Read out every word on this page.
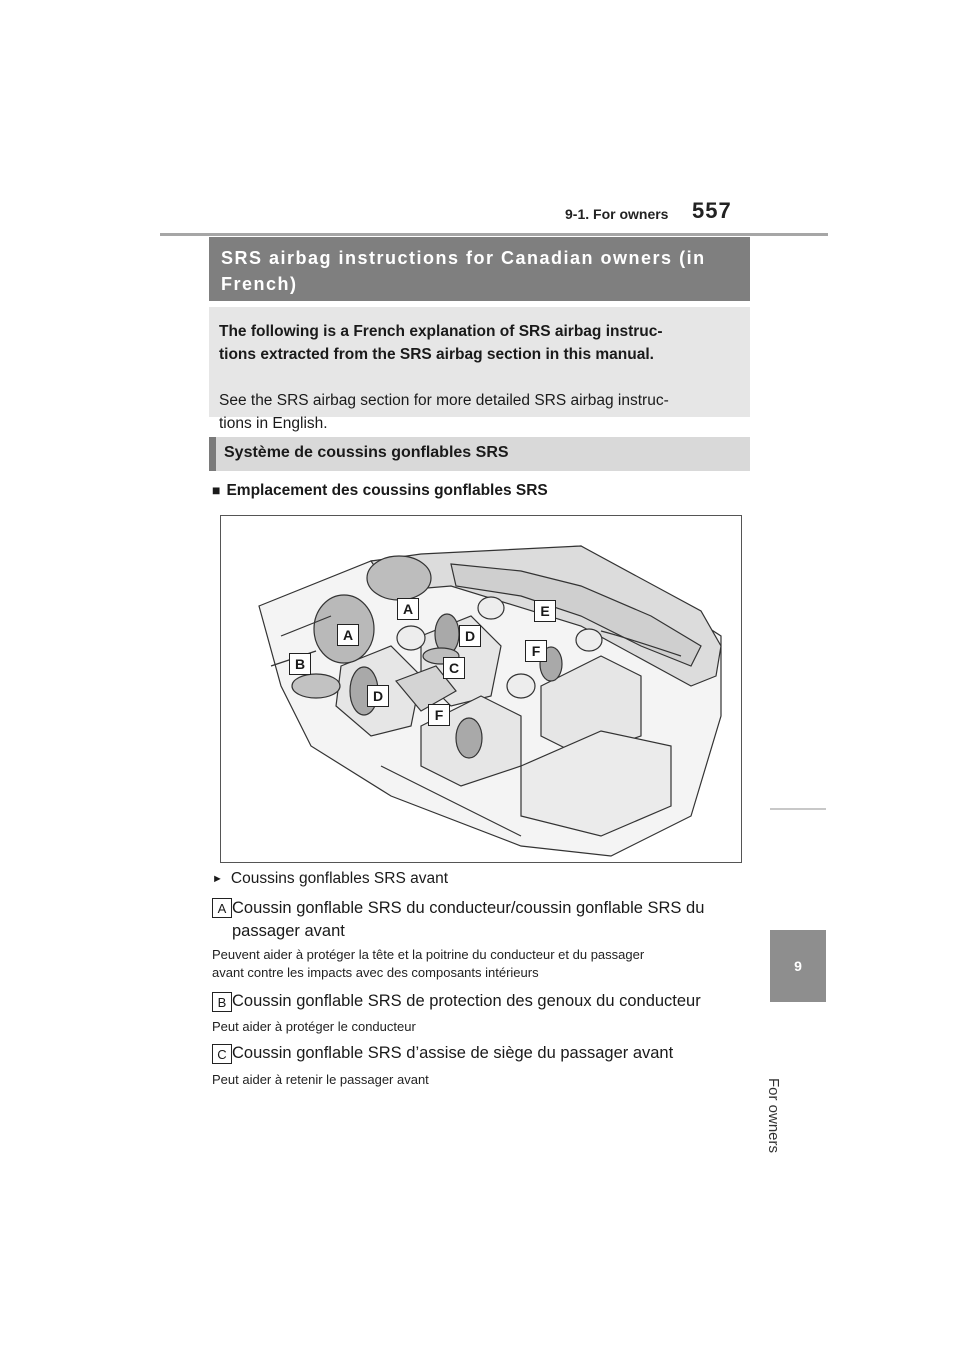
9-1. For owners 557
9
For owners
SRS airbag instructions for Canadian owners (in French)
The following is a French explanation of SRS airbag instruc-
tions extracted from the SRS airbag section in this manual.
See the SRS airbag section for more detailed SRS airbag instruc-
tions in English.
Système de coussins gonflables SRS
■ Emplacement des coussins gonflables SRS
A
A
B	C
D
D
E
F
F
► Coussins gonflables SRS avant
A Coussin gonflable SRS du conducteur/coussin gonflable SRS du
passager avant
Peuvent aider à protéger la tête et la poitrine du conducteur et du passager
avant contre les impacts avec des composants intérieurs
B Coussin gonflable SRS de protection des genoux du conducteur
Peut aider à protéger le conducteur
C Coussin gonflable SRS d’assise de siège du passager avant
Peut aider à retenir le passager avant
